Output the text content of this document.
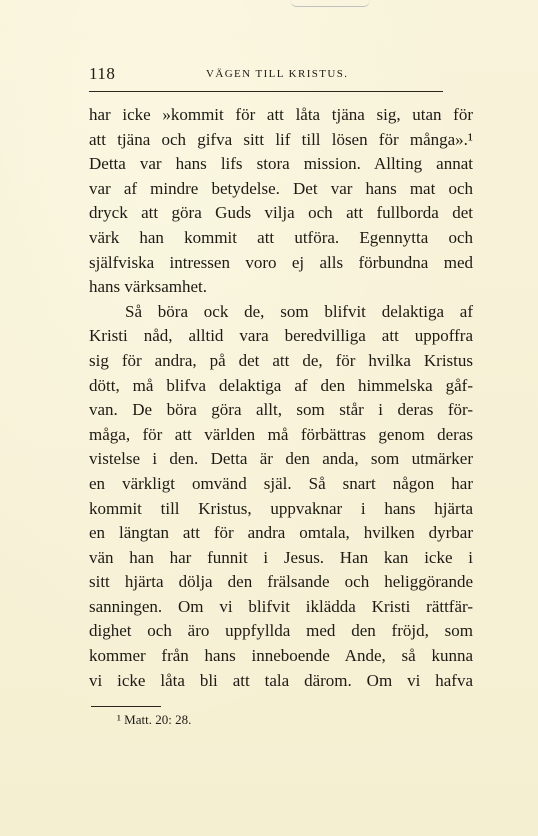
118	VÄGEN TILL KRISTUS.
har icke »kommit för att låta tjäna sig, utan för
att tjäna och gifva sitt lif till lösen för många».¹
Detta var hans lifs stora mission. Allting annat
var af mindre betydelse. Det var hans mat och
dryck att göra Guds vilja och att fullborda det
värk han kommit att utföra. Egennytta och
själfviska intressen voro ej alls förbundna med
hans värksamhet.
Så böra ock de, som blifvit delaktiga af
Kristi nåd, alltid vara beredvilliga att uppoffra
sig för andra, på det att de, för hvilka Kristus
dött, må blifva delaktiga af den himmelska gåf-
van. De böra göra allt, som står i deras för-
måga, för att världen må förbättras genom deras
vistelse i den. Detta är den anda, som utmärker
en värkligt omvänd själ. Så snart någon har
kommit till Kristus, uppvaknar i hans hjärta
en längtan att för andra omtala, hvilken dyrbar
vän han har funnit i Jesus. Han kan icke i
sitt hjärta dölja den frälsande och heliggörande
sanningen. Om vi blifvit iklädda Kristi rättfär-
dighet och äro uppfyllda med den fröjd, som
kommer från hans inneboende Ande, så kunna
vi icke låta bli att tala därom. Om vi hafva
¹ Matt. 20: 28.
